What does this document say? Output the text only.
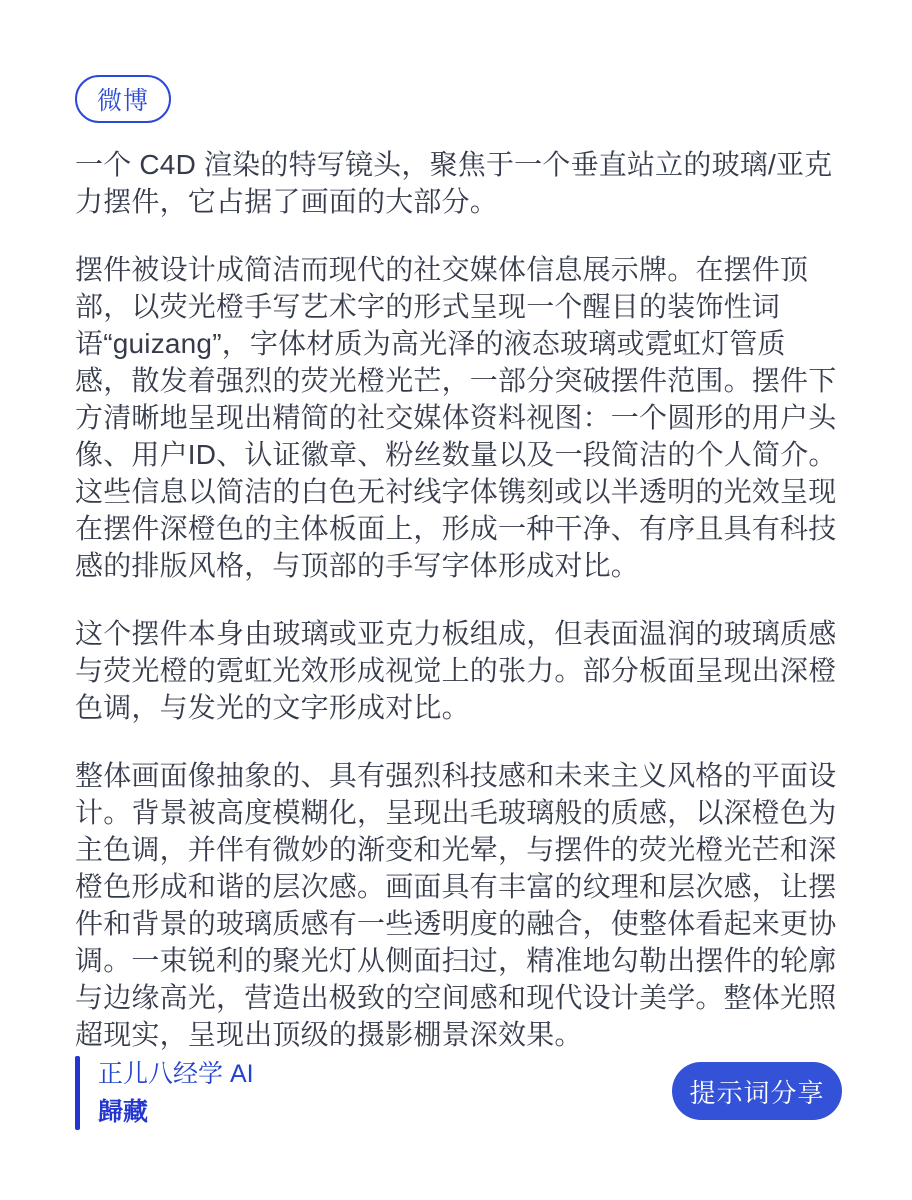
微博

一个 C4D 渲染的特写镜头，聚焦于一个垂直站立的玻璃/亚克力摆件，它占据了画面的大部分。

摆件被设计成简洁而现代的社交媒体信息展示牌。在摆件顶部，以荧光橙手写艺术字的形式呈现一个醒目的装饰性词语“guizang”，字体材质为高光泽的液态玻璃或霓虹灯管质感，散发着强烈的荧光橙光芒，一部分突破摆件范围。摆件下方清晰地呈现出精简的社交媒体资料视图：一个圆形的用户头像、用户ID、认证徽章、粉丝数量以及一段简洁的个人简介。这些信息以简洁的白色无衬线字体镌刻或以半透明的光效呈现在摆件深橙色的主体板面上，形成一种干净、有序且具有科技感的排版风格，与顶部的手写字体形成对比。

这个摆件本身由玻璃或亚克力板组成，但表面温润的玻璃质感与荧光橙的霓虹光效形成视觉上的张力。部分板面呈现出深橙色调，与发光的文字形成对比。

整体画面像抽象的、具有强烈科技感和未来主义风格的平面设计。背景被高度模糊化，呈现出毛玻璃般的质感，以深橙色为主色调，并伴有微妙的渐变和光晕，与摆件的荧光橙光芒和深橙色形成和谐的层次感。画面具有丰富的纹理和层次感，让摆件和背景的玻璃质感有一些透明度的融合，使整体看起来更协调。一束锐利的聚光灯从侧面扫过，精准地勾勒出摆件的轮廓与边缘高光，营造出极致的空间感和现代设计美学。整体光照超现实，呈现出顶级的摄影棚景深效果。

正儿八经学 AI
歸藏
提示词分享
